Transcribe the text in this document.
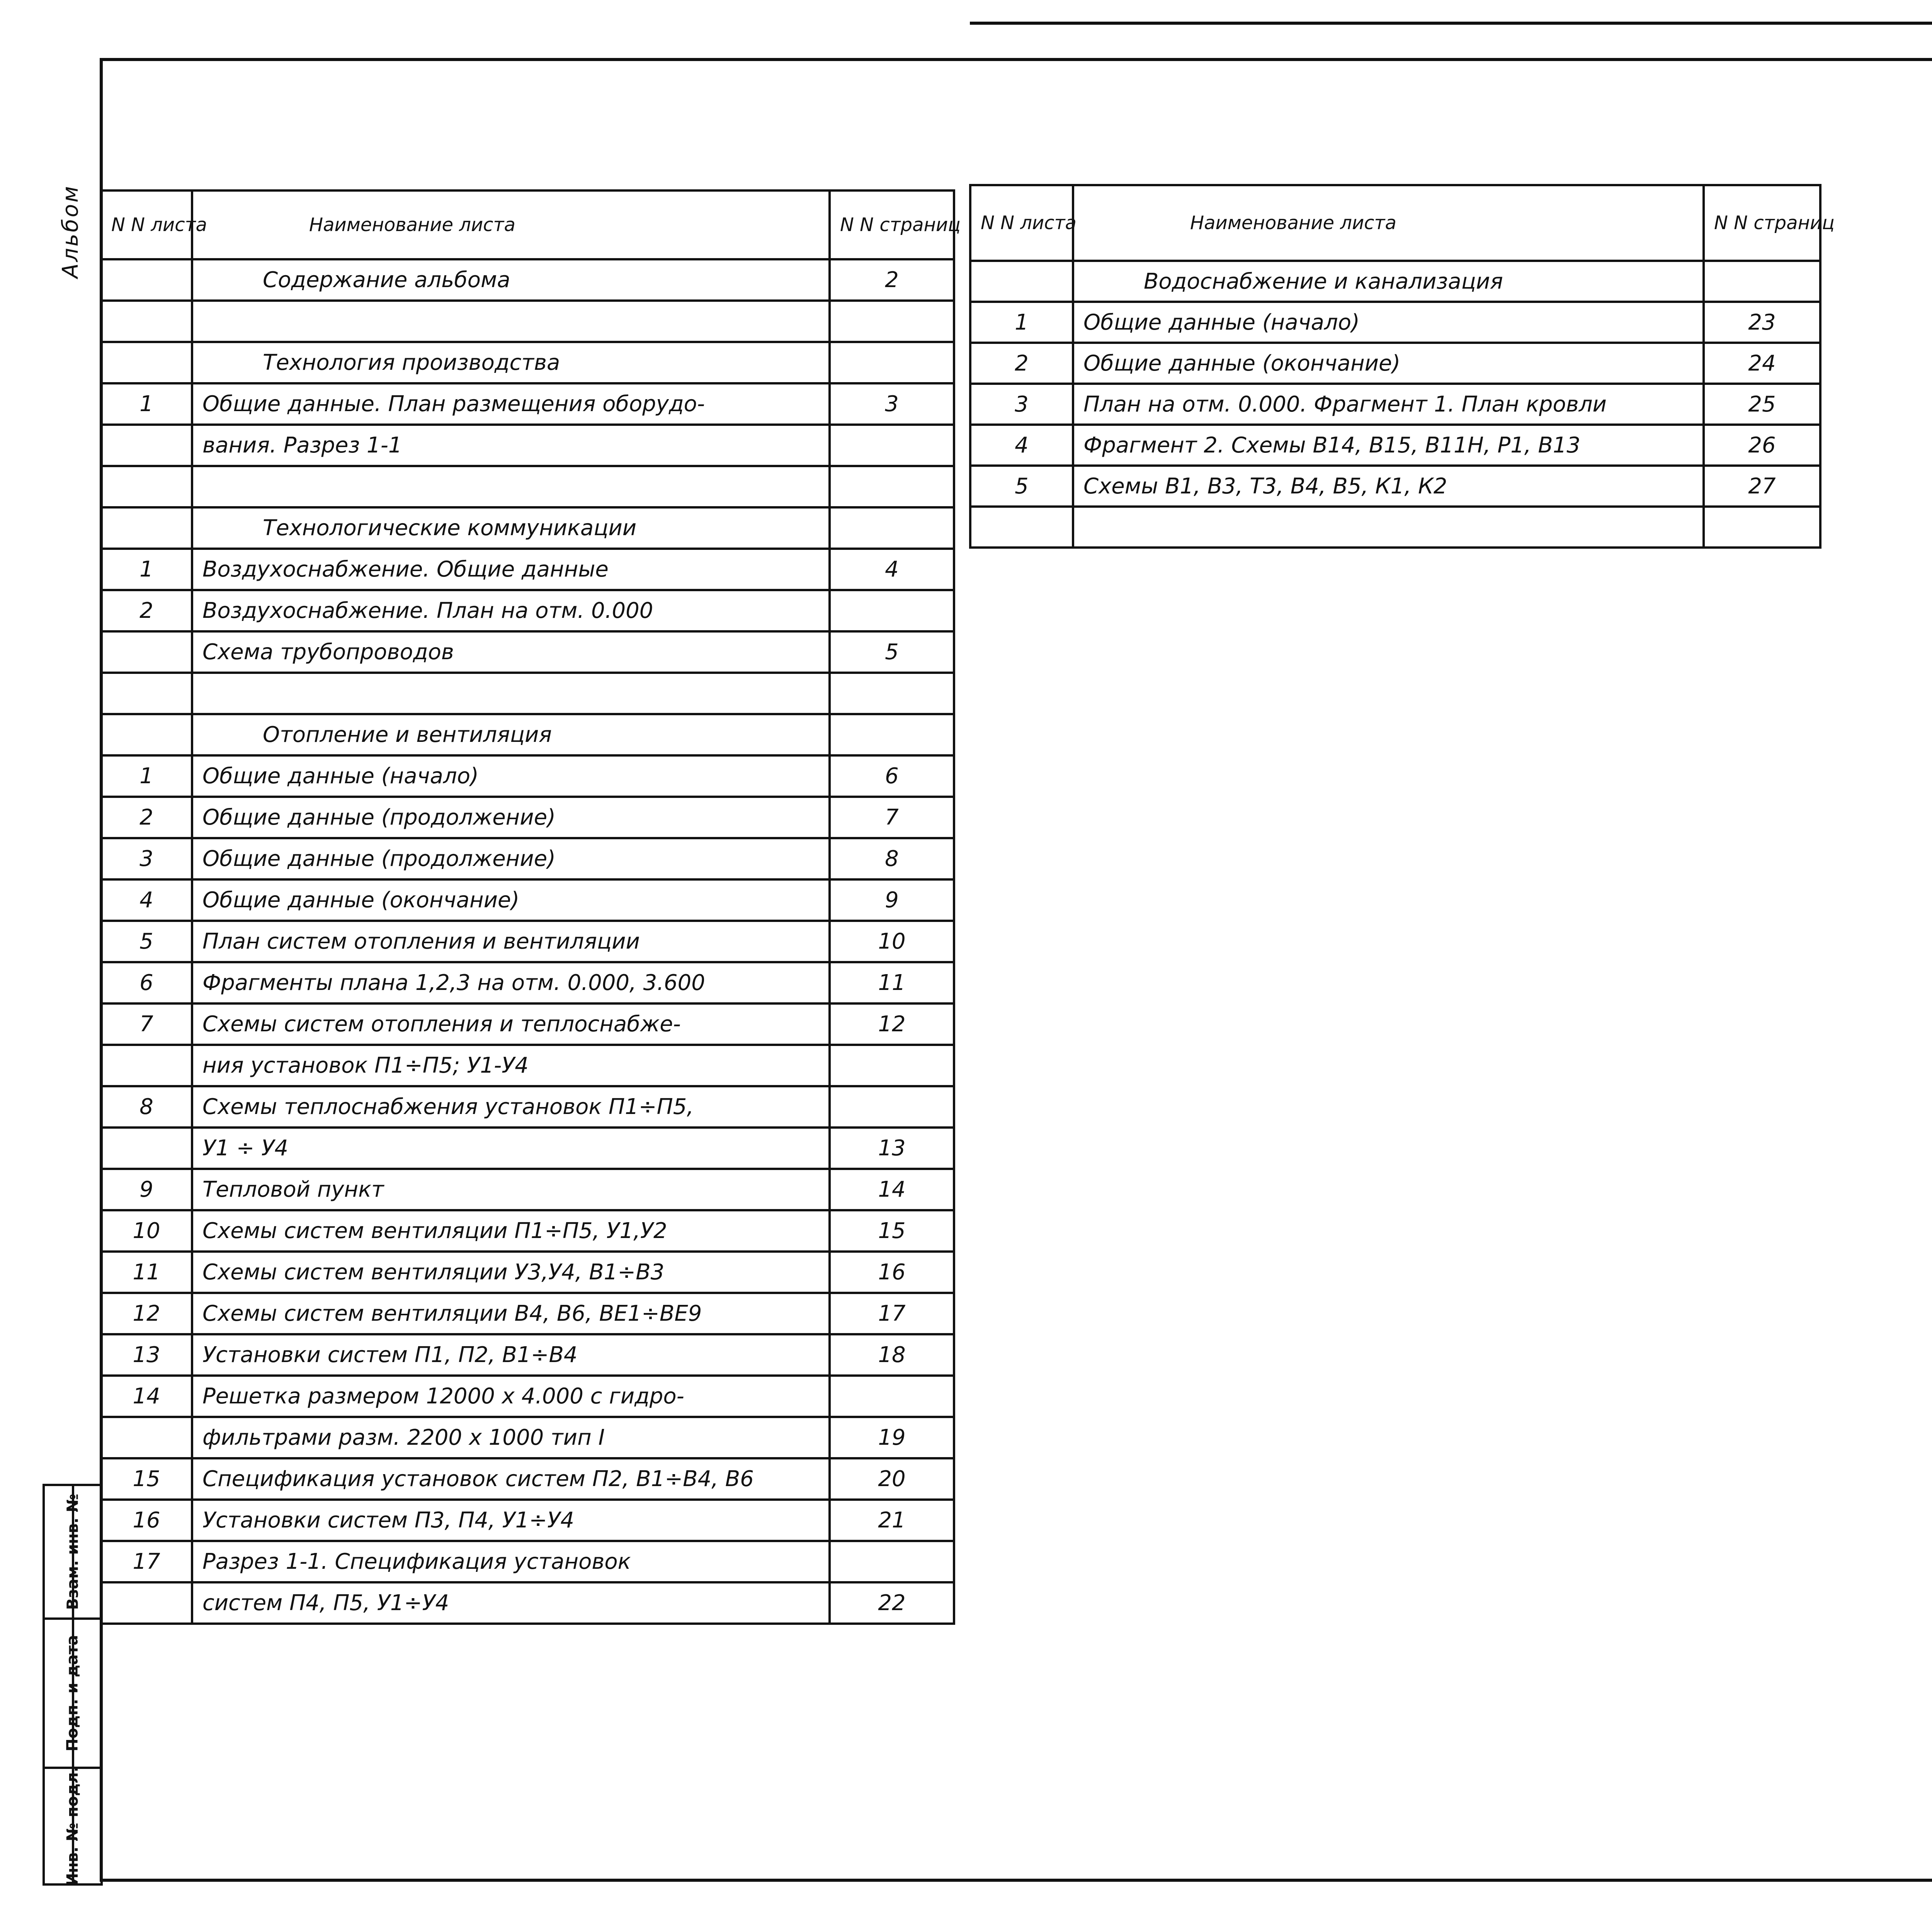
Альбом
Взам. инв. №
Подп. и дата
Инв. № подл.
N N листа	Наименование листа	N N страниц
	Содержание альбома	2

	Технология производства	
1	Общие данные. План размещения оборудо-	3
	вания. Разрез 1-1	

	Технологические коммуникации	
1	Воздухоснабжение. Общие данные	4
2	Воздухоснабжение. План на отм. 0.000	
	Схема трубопроводов	5

	Отопление и вентиляция	
1	Общие данные (начало)	6
2	Общие данные (продолжение)	7
3	Общие данные (продолжение)	8
4	Общие данные (окончание)	9
5	План систем отопления и вентиляции	10
6	Фрагменты плана 1,2,3 на отм. 0.000, 3.600	11
7	Схемы систем отопления и теплоснабже-	12
	ния установок П1÷П5; У1-У4	
8	Схемы теплоснабжения установок П1÷П5,	
	У1 ÷ У4	13
9	Тепловой пункт	14
10	Схемы систем вентиляции П1÷П5, У1,У2	15
11	Схемы систем вентиляции У3,У4, В1÷В3	16
12	Схемы систем вентиляции В4, В6, ВЕ1÷ВЕ9	17
13	Установки систем П1, П2, В1÷В4	18
14	Решетка размером 12000 х 4.000 с гидро-	
	фильтрами разм. 2200 х 1000 тип I	19
15	Спецификация установок систем П2, В1÷В4, В6	20
16	Установки систем П3, П4, У1÷У4	21
17	Разрез 1-1. Спецификация установок	
	систем П4, П5, У1÷У4	22
N N листа	Наименование листа	N N страниц
	Водоснабжение и канализация	
1	Общие данные (начало)	23
2	Общие данные (окончание)	24
3	План на отм. 0.000. Фрагмент 1. План кровли	25
4	Фрагмент 2. Схемы В14, В15, В11Н, Р1, В13	26
5	Схемы В1, В3, Т3, В4, В5, К1, К2	27
